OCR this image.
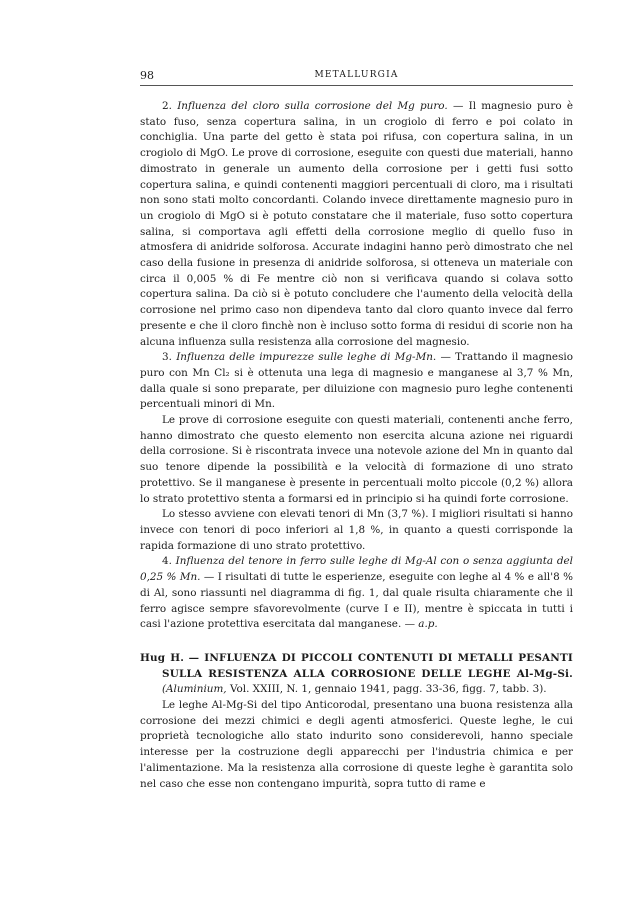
98	METALLURGIA

2. Influenza del cloro sulla corrosione del Mg puro. — Il magnesio puro è stato fuso, senza copertura salina, in un crogiolo di ferro e poi colato in conchiglia. Una parte del getto è stata poi rifusa, con copertura salina, in un crogiolo di MgO. Le prove di corrosione, eseguite con questi due materiali, hanno dimostrato in generale un aumento della corrosione per i getti fusi sotto copertura salina, e quindi contenenti maggiori percentuali di cloro, ma i risultati non sono stati molto concordanti. Colando invece direttamente magnesio puro in un crogiolo di MgO si è potuto constatare che il materiale, fuso sotto copertura salina, si comportava agli effetti della corrosione meglio di quello fuso in atmosfera di anidride solforosa. Accurate indagini hanno però dimostrato che nel caso della fusione in presenza di anidride solforosa, si otteneva un materiale con circa il 0,005 % di Fe mentre ciò non si verificava quando si colava sotto copertura salina. Da ciò si è potuto concludere che l'aumento della velocità della corrosione nel primo caso non dipendeva tanto dal cloro quanto invece dal ferro presente e che il cloro finchè non è incluso sotto forma di residui di scorie non ha alcuna influenza sulla resistenza alla corrosione del magnesio.

3. Influenza delle impurezze sulle leghe di Mg-Mn. — Trattando il magnesio puro con Mn Cl₂ si è ottenuta una lega di magnesio e manganese al 3,7 % Mn, dalla quale si sono preparate, per diluizione con magnesio puro leghe contenenti percentuali minori di Mn.

Le prove di corrosione eseguite con questi materiali, contenenti anche ferro, hanno dimostrato che questo elemento non esercita alcuna azione nei riguardi della corrosione. Si è riscontrata invece una notevole azione del Mn in quanto dal suo tenore dipende la possibilità e la velocità di formazione di uno strato protettivo. Se il manganese è presente in percentuali molto piccole (0,2 %) allora lo strato protettivo stenta a formarsi ed in principio si ha quindi forte corrosione.

Lo stesso avviene con elevati tenori di Mn (3,7 %). I migliori risultati si hanno invece con tenori di poco inferiori al 1,8 %, in quanto a questi corrisponde la rapida formazione di uno strato protettivo.

4. Influenza del tenore in ferro sulle leghe di Mg-Al con o senza aggiunta del 0,25 % Mn. — I risultati di tutte le esperienze, eseguite con leghe al 4 % e all'8 % di Al, sono riassunti nel diagramma di fig. 1, dal quale risulta chiaramente che il ferro agisce sempre sfavorevolmente (curve I e II), mentre è spiccata in tutti i casi l'azione protettiva esercitata dal manganese. — a.p.

Hug H. — INFLUENZA DI PICCOLI CONTENUTI DI METALLI PESANTI SULLA RESISTENZA ALLA CORROSIONE DELLE LEGHE Al-Mg-Si. (Aluminium, Vol. XXIII, N. 1, gennaio 1941, pagg. 33-36, figg. 7, tabb. 3).

Le leghe Al-Mg-Si del tipo Anticorodal, presentano una buona resistenza alla corrosione dei mezzi chimici e degli agenti atmosferici. Queste leghe, le cui proprietà tecnologiche allo stato indurito sono considerevoli, hanno speciale interesse per la costruzione degli apparecchi per l'industria chimica e per l'alimentazione. Ma la resistenza alla corrosione di queste leghe è garantita solo nel caso che esse non contengano impurità, sopra tutto di rame e
